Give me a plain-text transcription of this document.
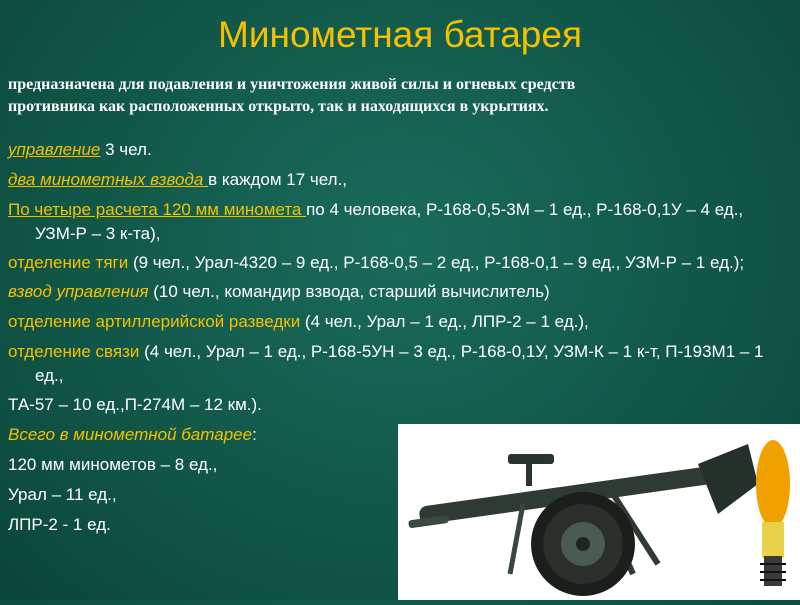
Минометная батарея
предназначена для подавления и уничтожения живой силы и огневых средств
противника как расположенных открыто, так и находящихся в укрытиях.
управление 3 чел.
два минометных взвода в каждом 17 чел.,
По четыре расчета 120 мм миномета по 4 человека, Р-168-0,5-3М – 1 ед., Р-168-0,1У – 4 ед., УЗМ-Р – 3 к-та),
отделение тяги (9 чел., Урал-4320 – 9 ед., Р-168-0,5 – 2 ед., Р-168-0,1 – 9 ед., УЗМ-Р – 1 ед.);
взвод управления (10 чел., командир взвода, старший вычислитель)
отделение артиллерийской разведки (4 чел., Урал – 1 ед., ЛПР-2 – 1 ед.),
отделение связи (4 чел., Урал – 1 ед., Р-168-5УН – 3 ед., Р-168-0,1У, УЗМ-К – 1 к-т, П-193М1 – 1 ед.,
ТА-57 – 10 ед.,П-274М – 12 км.).
Всего в минометной батарее:
120 мм минометов – 8 ед.,
Урал – 11 ед.,
ЛПР-2 - 1 ед.
